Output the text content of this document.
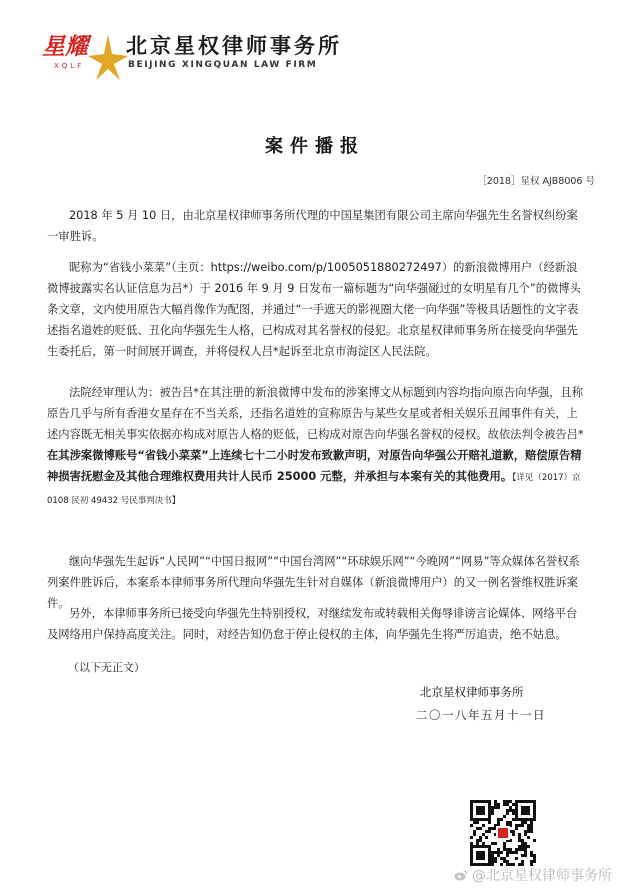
星耀
XQLF
北京星权律师事务所
BEIJING XINGQUAN LAW FIRM
案件播报
［2018］星权 AJB8006 号
2018 年 5 月 10 日，由北京星权律师事务所代理的中国星集团有限公司主席向华强先生名誉权纠纷案一审胜诉。
昵称为“省钱小菜菜”（主页：https://weibo.com/p/1005051880272497）的新浪微博用户（经新浪微博披露实名认证信息为吕*）于 2016 年 9 月 9 日发布一篇标题为“向华强碰过的女明星有几个”的微博头条文章，文内使用原告大幅肖像作为配图，并通过“一手遮天的影视圈大佬一向华强”等极具话题性的文字表述指名道姓的贬低、丑化向华强先生人格，已构成对其名誉权的侵犯。北京星权律师事务所在接受向华强先生委托后，第一时间展开调查，并将侵权人吕*起诉至北京市海淀区人民法院。
法院经审理认为：被告吕*在其注册的新浪微博中发布的涉案博文从标题到内容均指向原告向华强，且称原告几乎与所有香港女星存在不当关系，还指名道姓的宣称原告与某些女星或者相关娱乐丑闻事件有关，上述内容既无相关事实依据亦构成对原告人格的贬低，已构成对原告向华强名誉权的侵权。故依法判令被告吕*在其涉案微博账号“省钱小菜菜”上连续七十二小时发布致歉声明，对原告向华强公开赔礼道歉，赔偿原告精神损害抚慰金及其他合理维权费用共计人民币 25000 元整，并承担与本案有关的其他费用。【详见（2017）京 0108 民初 49432 号民事判决书】
继向华强先生起诉“人民网”“中国日报网”“中国台湾网”“环球娱乐网”“今晚网”“网易”等众媒体名誉权系列案件胜诉后，本案系本律师事务所代理向华强先生针对自媒体（新浪微博用户）的又一例名誉维权胜诉案件。
另外，本律师事务所已接受向华强先生特别授权，对继续发布或转载相关侮辱诽谤言论媒体、网络平台及网络用户保持高度关注。同时，对经告知仍怠于停止侵权的主体，向华强先生将严厉追责，绝不姑息。
（以下无正文）
北京星权律师事务所
二〇一八年五月十一日
@北京星权律师事务所
